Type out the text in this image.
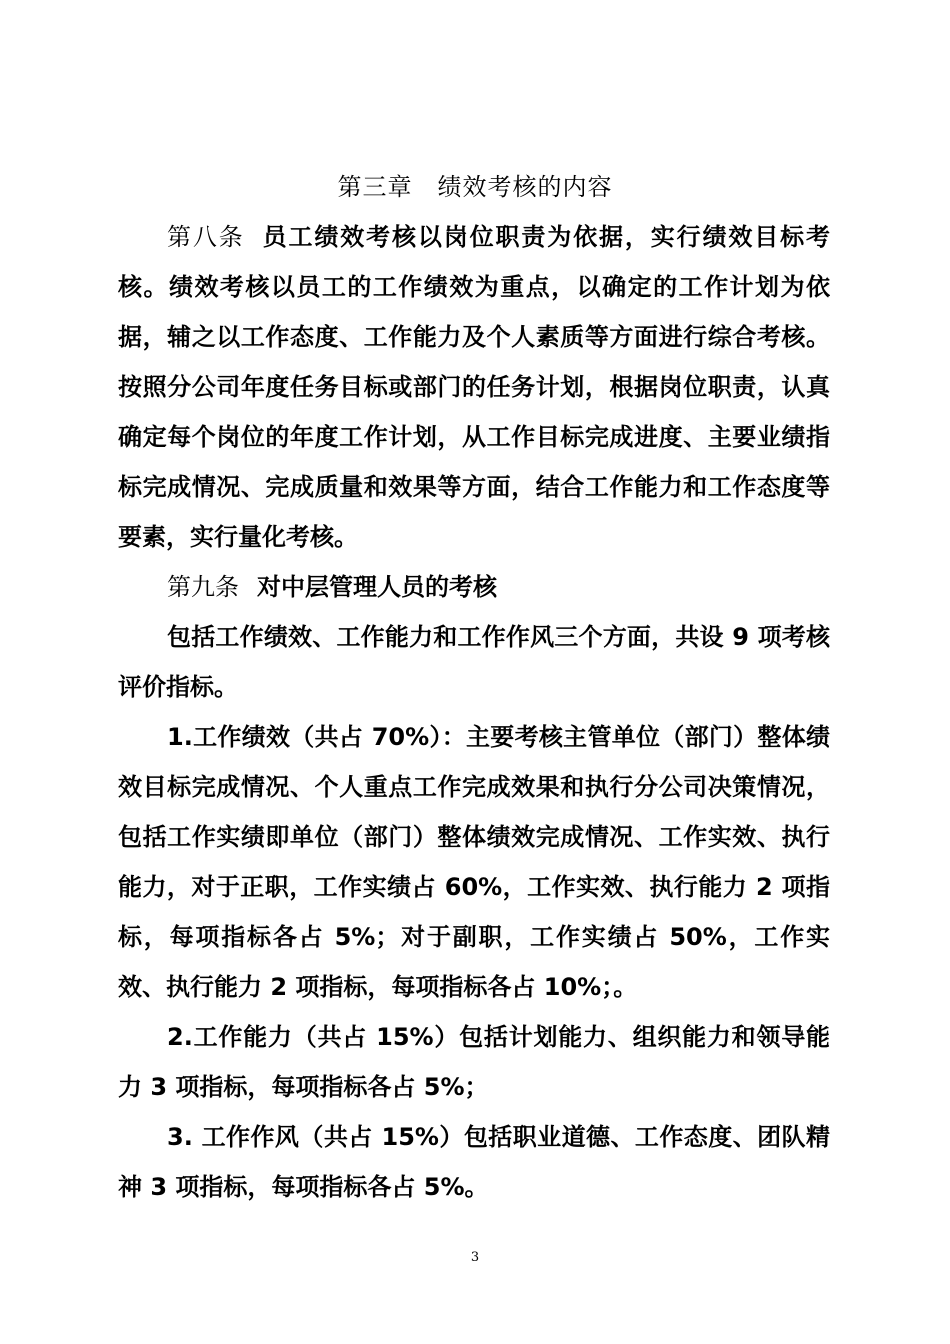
第三章　绩效考核的内容
第八条 员工绩效考核以岗位职责为依据，实行绩效目标考核。绩效考核以员工的工作绩效为重点，以确定的工作计划为依据，辅之以工作态度、工作能力及个人素质等方面进行综合考核。按照分公司年度任务目标或部门的任务计划，根据岗位职责，认真确定每个岗位的年度工作计划，从工作目标完成进度、主要业绩指标完成情况、完成质量和效果等方面，结合工作能力和工作态度等要素，实行量化考核。
第九条 对中层管理人员的考核
包括工作绩效、工作能力和工作作风三个方面，共设 9 项考核评价指标。
1.工作绩效（共占 70%）：主要考核主管单位（部门）整体绩效目标完成情况、个人重点工作完成效果和执行分公司决策情况，包括工作实绩即单位（部门）整体绩效完成情况、工作实效、执行能力，对于正职，工作实绩占 60%，工作实效、执行能力 2 项指标，每项指标各占 5%；对于副职，工作实绩占 50%，工作实效、执行能力 2 项指标，每项指标各占 10%；。
2.工作能力（共占 15%）包括计划能力、组织能力和领导能力 3 项指标，每项指标各占 5%；
3. 工作作风（共占 15%）包括职业道德、工作态度、团队精神 3 项指标，每项指标各占 5%。
3
